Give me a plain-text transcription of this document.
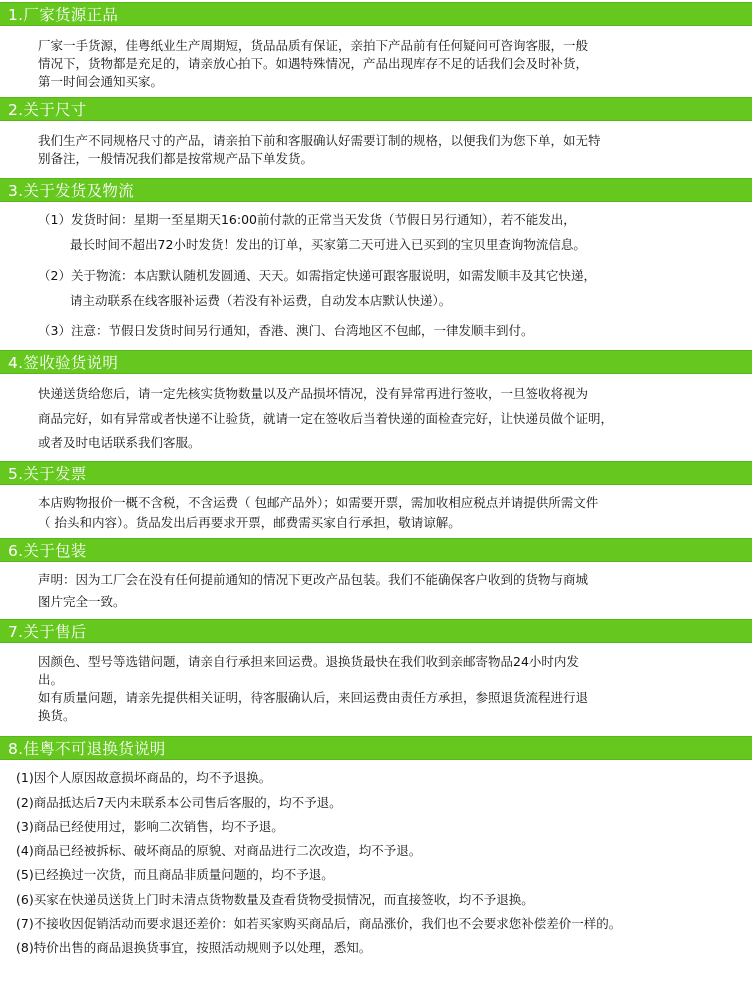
1.厂家货源正品
厂家一手货源，佳粤纸业生产周期短，货品品质有保证，亲拍下产品前有任何疑问可咨询客服，一般
情况下，货物都是充足的，请亲放心拍下。如遇特殊情况，产品出现库存不足的话我们会及时补货，
第一时间会通知买家。
2.关于尺寸
我们生产不同规格尺寸的产品，请亲拍下前和客服确认好需要订制的规格，以便我们为您下单，如无特
别备注，一般情况我们都是按常规产品下单发货。
3.关于发货及物流
（1）发货时间：星期一至星期天16:00前付款的正常当天发货（节假日另行通知），若不能发出，
最长时间不超出72小时发货！发出的订单，买家第二天可进入已买到的宝贝里查询物流信息。
（2）关于物流：本店默认随机发圆通、天天。如需指定快递可跟客服说明，如需发顺丰及其它快递，
请主动联系在线客服补运费（若没有补运费，自动发本店默认快递）。
（3）注意：节假日发货时间另行通知，香港、澳门、台湾地区不包邮，一律发顺丰到付。
4.签收验货说明
快递送货给您后，请一定先核实货物数量以及产品损坏情况，没有异常再进行签收，一旦签收将视为
商品完好，如有异常或者快递不让验货，就请一定在签收后当着快递的面检查完好，让快递员做个证明，
或者及时电话联系我们客服。
5.关于发票
本店购物报价一概不含税，不含运费（ 包邮产品外）；如需要开票，需加收相应税点并请提供所需文件
（ 抬头和内容）。货品发出后再要求开票，邮费需买家自行承担，敬请谅解。
6.关于包装
声明：因为工厂会在没有任何提前通知的情况下更改产品包装。我们不能确保客户收到的货物与商城
图片完全一致。
7.关于售后
因颜色、型号等选错问题，请亲自行承担来回运费。退换货最快在我们收到亲邮寄物品24小时内发
出。
如有质量问题，请亲先提供相关证明，待客服确认后，来回运费由责任方承担，参照退货流程进行退
换货。
8.佳粤不可退换货说明
(1)因个人原因故意损坏商品的，均不予退换。
(2)商品抵达后7天内未联系本公司售后客服的，均不予退。
(3)商品已经使用过，影响二次销售，均不予退。
(4)商品已经被拆标、破坏商品的原貌、对商品进行二次改造，均不予退。
(5)已经换过一次货，而且商品非质量问题的，均不予退。
(6)买家在快递员送货上门时未清点货物数量及查看货物受损情况，而直接签收，均不予退换。
(7)不接收因促销活动而要求退还差价：如若买家购买商品后，商品涨价，我们也不会要求您补偿差价一样的。
(8)特价出售的商品退换货事宜，按照活动规则予以处理，悉知。
